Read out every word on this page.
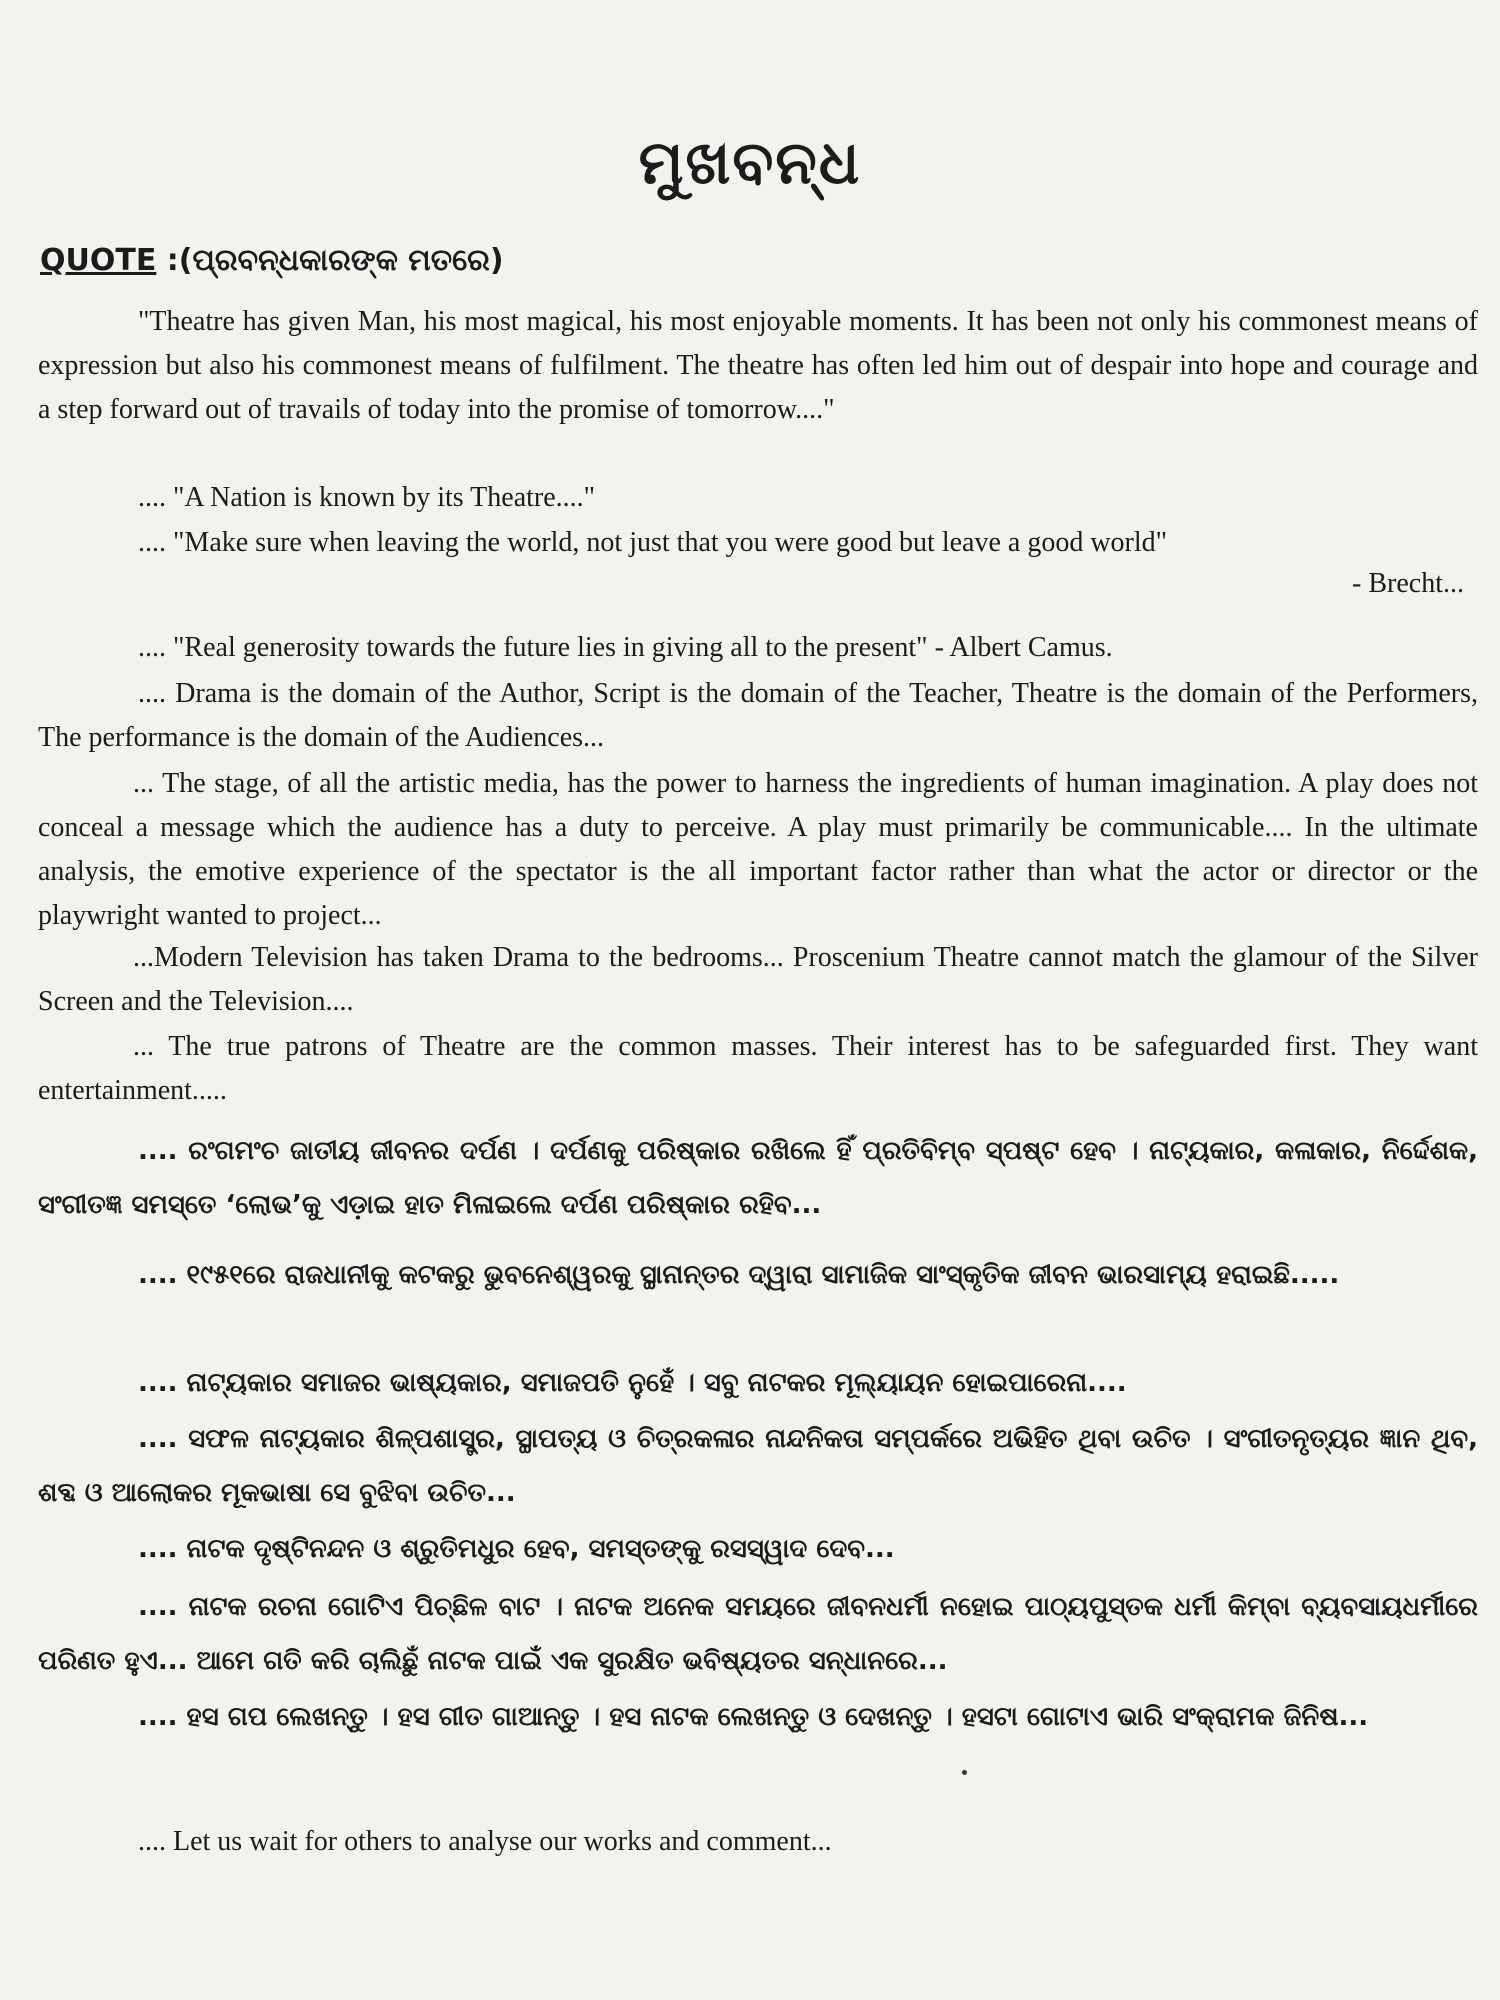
ମୁଖବନ୍ଧ
QUOTE :(ପ୍ରବନ୍ଧକାରଙ୍କ ମତରେ)
"Theatre has given Man, his most magical, his most enjoyable moments. It has been not only his commonest means of expression but also his commonest means of fulfilment. The theatre has often led him out of despair into hope and courage and a step forward out of travails of today into the promise of tomorrow...."
.... "A Nation is known by its Theatre...."
.... "Make sure when leaving the world, not just that you were good but leave a good world"
- Brecht...
.... "Real generosity towards the future lies in giving all to the present" - Albert Camus.
.... Drama is the domain of the Author, Script is the domain of the Teacher, Theatre is the domain of the Performers, The performance is the domain of the Audiences...
... The stage, of all the artistic media, has the power to harness the ingredients of human imagination. A play does not conceal a message which the audience has a duty to perceive. A play must primarily be communicable.... In the ultimate analysis, the emotive experience of the spectator is the all important factor rather than what the actor or director or the playwright wanted to project...
...Modern Television has taken Drama to the bedrooms... Proscenium Theatre cannot match the glamour of the Silver Screen and the Television....
... The true patrons of Theatre are the common masses. Their interest has to be safeguarded first. They want entertainment.....
.... ରଂଗମଂଚ ଜାତୀୟ ଜୀବନର ଦର୍ପଣ । ଦର୍ପଣକୁ ପରିଷ୍କାର ରଖିଲେ ହିଁ ପ୍ରତିବିମ୍ବ ସ୍ପଷ୍ଟ ହେବ । ନାଟ୍ୟକାର, କଳାକାର, ନିର୍ଦ୍ଦେଶକ, ସଂଗୀତଜ୍ଞ ସମସ୍ତେ ‘ଲୋଭ’କୁ ଏଡ଼ାଇ ହାତ ମିଳାଇଲେ ଦର୍ପଣ ପରିଷ୍କାର ରହିବ...
.... ୧୯୫୧ରେ ରାଜଧାନୀକୁ କଟକରୁ ଭୁବନେଶ୍ୱରକୁ ସ୍ଥାନାନ୍ତର ଦ୍ୱାରା ସାମାଜିକ ସାଂସ୍କୃତିକ ଜୀବନ ଭାରସାମ୍ୟ ହରାଇଛି.....
.... ନାଟ୍ୟକାର ସମାଜର ଭାଷ୍ୟକାର, ସମାଜପତି ନୁହେଁ । ସବୁ ନାଟକର ମୂଲ୍ୟାୟନ ହୋଇପାରେନା....
.... ସଫଳ ନାଟ୍ୟକାର ଶିଳ୍ପଶାସ୍ତ୍ର, ସ୍ଥାପତ୍ୟ ଓ ଚିତ୍ରକଳାର ନାନ୍ଦନିକତା ସମ୍ପର୍କରେ ଅଭିହିତ ଥିବା ଉଚିତ । ସଂଗୀତନୃତ୍ୟର ଜ୍ଞାନ ଥିବ, ଶବ୍ଦ ଓ ଆଲୋକର ମୂକଭାଷା ସେ ବୁଝିବା ଉଚିତ...
.... ନାଟକ ଦୃଷ୍ଟିନନ୍ଦନ ଓ ଶ୍ରୁତିମଧୁର ହେବ, ସମସ୍ତଙ୍କୁ ରସସ୍ୱାଦ ଦେବ...
.... ନାଟକ ରଚନା ଗୋଟିଏ ପିଚ୍ଛିଳ ବାଟ । ନାଟକ ଅନେକ ସମୟରେ ଜୀବନଧର୍ମୀ ନହୋଇ ପାଠ୍ୟପୁସ୍ତକ ଧର୍ମୀ କିମ୍ବା ବ୍ୟବସାୟଧର୍ମୀରେ ପରିଣତ ହୁଏ... ଆମେ ଗତି କରି ଚାଲିଛୁଁ ନାଟକ ପାଇଁ ଏକ ସୁରକ୍ଷିତ ଭବିଷ୍ୟତର ସନ୍ଧାନରେ...
.... ହସ ଗପ ଲେଖନ୍ତୁ । ହସ ଗୀତ ଗାଆନ୍ତୁ । ହସ ନାଟକ ଲେଖନ୍ତୁ ଓ ଦେଖନ୍ତୁ । ହସଟା ଗୋଟାଏ ଭାରି ସଂକ୍ରାମକ ଜିନିଷ...
.... Let us wait for others to analyse our works and comment...
